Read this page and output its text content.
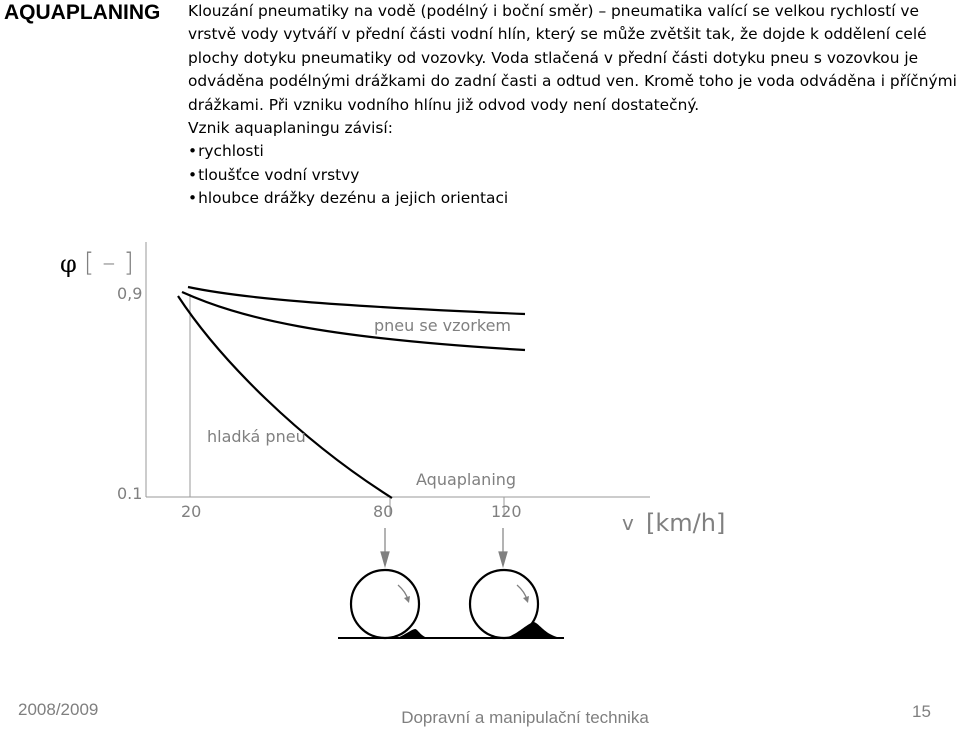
AQUAPLANING Klouzání pneumatiky na vodě (podélný i boční směr) – pneumatika valící se velkou rychlostí ve vrstvě vody vytváří v přední části vodní hlín, který se může zvětšit tak, že dojde k oddělení celé plochy dotyku pneumatiky od vozovky. Voda stlačená v přední části dotyku pneu s vozovkou je odváděna podélnými drážkami do zadní časti a odtud ven. Kromě toho je voda odváděna i příčnými drážkami. Při vzniku vodního hlínu již odvod vody není dostatečný.

Vznik aquaplaningu závisí:

• rychlosti
• tloušťce vodní vrstvy
• hloubce drážky dezénu a jejich orientaci
φ [ – ]
0,9
0.1
20	80	120	v [km/h]
pneu se vzorkem
hladká pneu
Aquaplaning
2008/2009	Dopravní a manipulační technika	15
